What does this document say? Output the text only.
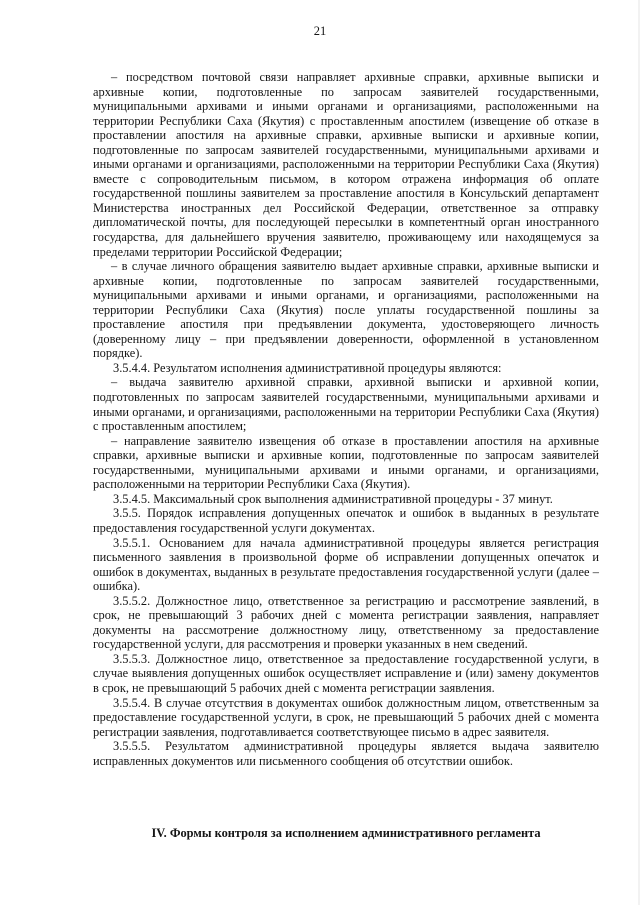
21

– посредством почтовой связи направляет архивные справки, архивные выписки и архивные копии, подготовленные по запросам заявителей государственными, муниципальными архивами и иными органами и организациями, расположенными на территории Республики Саха (Якутия) с проставленным апостилем (извещение об отказе в проставлении апостиля на архивные справки, архивные выписки и архивные копии, подготовленные по запросам заявителей государственными, муниципальными архивами и иными органами и организациями, расположенными на территории Республики Саха (Якутия) вместе с сопроводительным письмом, в котором отражена информация об оплате государственной пошлины заявителем за проставление апостиля в Консульский департамент Министерства иностранных дел Российской Федерации, ответственное за отправку дипломатической почты, для последующей пересылки в компетентный орган иностранного государства, для дальнейшего вручения заявителю, проживающему или находящемуся за пределами территории Российской Федерации;

– в случае личного обращения заявителю выдает архивные справки, архивные выписки и архивные копии, подготовленные по запросам заявителей государственными, муниципальными архивами и иными органами, и организациями, расположенными на территории Республики Саха (Якутия) после уплаты государственной пошлины за проставление апостиля при предъявлении документа, удостоверяющего личность (доверенному лицу – при предъявлении доверенности, оформленной в установленном порядке).

3.5.4.4. Результатом исполнения административной процедуры являются:

– выдача заявителю архивной справки, архивной выписки и архивной копии, подготовленных по запросам заявителей государственными, муниципальными архивами и иными органами, и организациями, расположенными на территории Республики Саха (Якутия) с проставленным апостилем;

– направление заявителю извещения об отказе в проставлении апостиля на архивные справки, архивные выписки и архивные копии, подготовленные по запросам заявителей государственными, муниципальными архивами и иными органами, и организациями, расположенными на территории Республики Саха (Якутия).

3.5.4.5. Максимальный срок выполнения административной процедуры - 37 минут.

3.5.5. Порядок исправления допущенных опечаток и ошибок в выданных в результате предоставления государственной услуги документах.

3.5.5.1. Основанием для начала административной процедуры является регистрация письменного заявления в произвольной форме об исправлении допущенных опечаток и ошибок в документах, выданных в результате предоставления государственной услуги (далее – ошибка).

3.5.5.2. Должностное лицо, ответственное за регистрацию и рассмотрение заявлений, в срок, не превышающий 3 рабочих дней с момента регистрации заявления, направляет документы на рассмотрение должностному лицу, ответственному за предоставление государственной услуги, для рассмотрения и проверки указанных в нем сведений.

3.5.5.3. Должностное лицо, ответственное за предоставление государственной услуги, в случае выявления допущенных ошибок осуществляет исправление и (или) замену документов в срок, не превышающий 5 рабочих дней с момента регистрации заявления.

3.5.5.4. В случае отсутствия в документах ошибок должностным лицом, ответственным за предоставление государственной услуги, в срок, не превышающий 5 рабочих дней с момента регистрации заявления, подготавливается соответствующее письмо в адрес заявителя.

3.5.5.5. Результатом административной процедуры является выдача заявителю исправленных документов или письменного сообщения об отсутствии ошибок.

IV. Формы контроля за исполнением административного регламента
